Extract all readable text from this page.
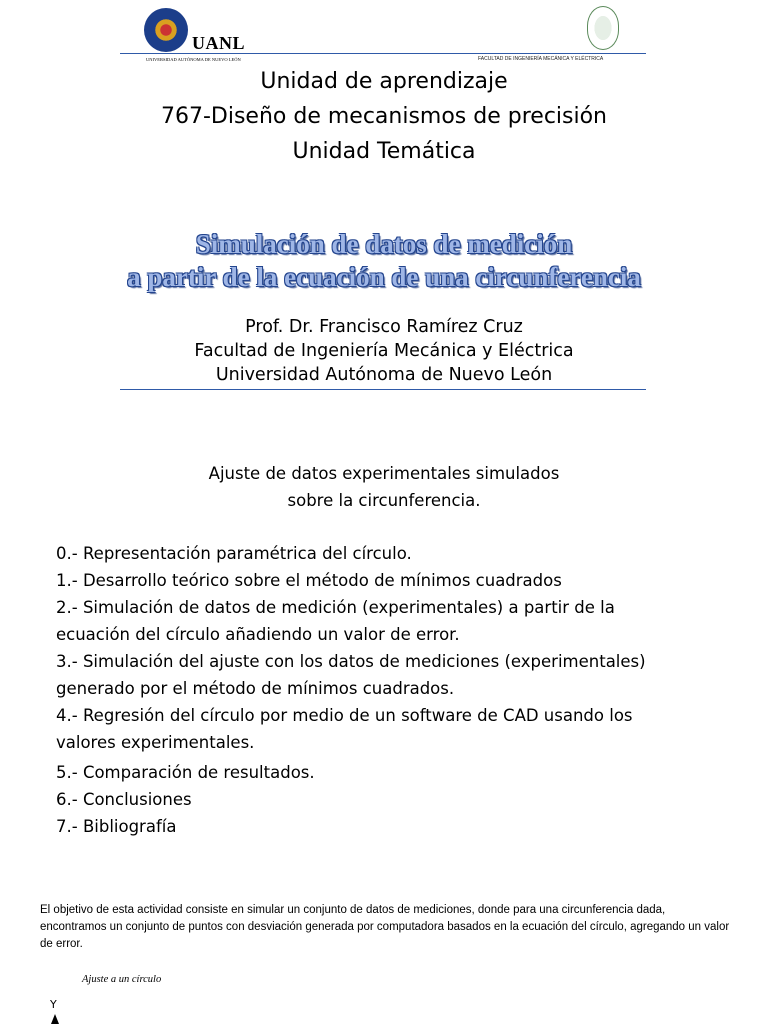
UANL
UNIVERSIDAD AUTÓNOMA DE NUEVO LEÓN	FACULTAD DE INGENIERÍA MECÁNICA Y ELÉCTRICA
Unidad de aprendizaje
767-Diseño de mecanismos de precisión
Unidad Temática
Simulación de datos de medición
a partir de la ecuación de una circunferencia
Prof. Dr. Francisco Ramírez Cruz
Facultad de Ingeniería Mecánica y Eléctrica
Universidad Autónoma de Nuevo León
Ajuste de datos experimentales simulados
sobre la circunferencia.
0.- Representación paramétrica del círculo.
1.- Desarrollo teórico sobre el método de mínimos cuadrados
2.- Simulación de datos de medición (experimentales) a partir de la
ecuación del círculo añadiendo un valor de error.
3.- Simulación del ajuste con los datos de mediciones (experimentales)
generado por el método de mínimos cuadrados.
4.- Regresión del círculo por medio de un software de CAD usando los
valores experimentales.
5.- Comparación de resultados.
6.- Conclusiones
7.- Bibliografía
El objetivo de esta actividad consiste en simular un conjunto de datos de mediciones, donde para una circunferencia dada, encontramos un conjunto de puntos con desviación generada por computadora basados en la ecuación del círculo, agregando un valor de error.
Ajuste a un círculo
Y
